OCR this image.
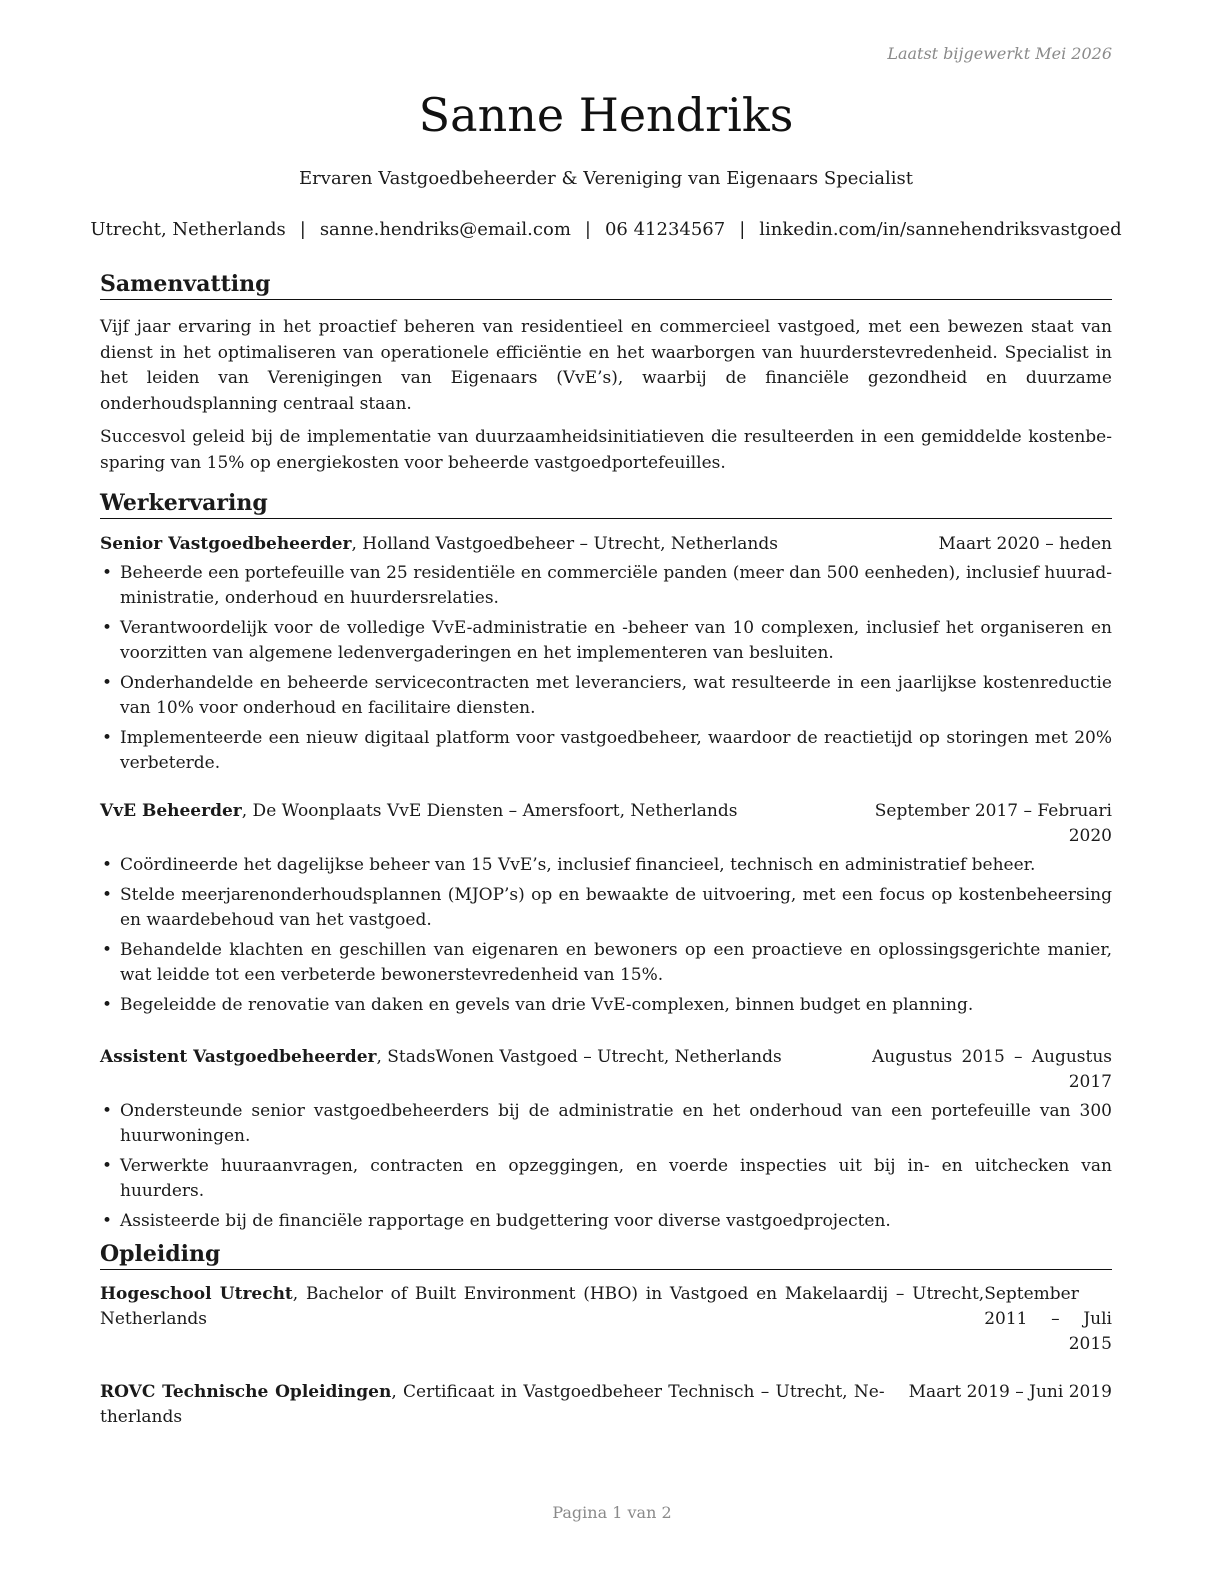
Laatst bijgewerkt Mei 2026
Sanne Hendriks
Ervaren Vastgoedbeheerder & Vereniging van Eigenaars Specialist
Utrecht, Netherlands | sanne.hendriks@email.com | 06 41234567 | linkedin.com/in/sannehendriksvastgoed
Samenvatting

Vijf jaar ervaring in het proactief beheren van residentieel en commercieel vastgoed, met een bewezen staat van dienst in het optimaliseren van operationele efficiëntie en het waarborgen van huurderstevredenheid. Specialist in het leiden van Verenigingen van Eigenaars (VvE’s), waarbij de financiële gezondheid en duurzame onderhoudsplanning centraal staan.

Succesvol geleid bij de implementatie van duurzaamheidsinitiatieven die resulteerden in een gemiddelde kostenbesparing van 15% op energiekosten voor beheerde vastgoedportefeuilles.

Werkervaring
Senior Vastgoedbeheerder, Holland Vastgoedbeheer – Utrecht, Netherlands	Maart 2020 – heden
• Beheerde een portefeuille van 25 residentiële en commerciële panden (meer dan 500 eenheden), inclusief huuradministratie, onderhoud en huurdersrelaties.
• Verantwoordelijk voor de volledige VvE-administratie en -beheer van 10 complexen, inclusief het organiseren en voorzitten van algemene ledenvergaderingen en het implementeren van besluiten.
• Onderhandelde en beheerde servicecontracten met leveranciers, wat resulteerde in een jaarlijkse kostenreductie van 10% voor onderhoud en facilitaire diensten.
• Implementeerde een nieuw digitaal platform voor vastgoedbeheer, waardoor de reactietijd op storingen met 20% verbeterde.
VvE Beheerder, De Woonplaats VvE Diensten – Amersfoort, Netherlands	September 2017 – Februari 2020
• Coördineerde het dagelijkse beheer van 15 VvE’s, inclusief financieel, technisch en administratief beheer.
• Stelde meerjarenonderhoudsplannen (MJOP’s) op en bewaakte de uitvoering, met een focus op kostenbeheersing en waardebehoud van het vastgoed.
• Behandelde klachten en geschillen van eigenaren en bewoners op een proactieve en oplossingsgerichte manier, wat leidde tot een verbeterde bewonerstevredenheid van 15%.
• Begeleidde de renovatie van daken en gevels van drie VvE-complexen, binnen budget en planning.
Assistent Vastgoedbeheerder, StadsWonen Vastgoed – Utrecht, Netherlands	Augustus 2015 – Augustus 2017
• Ondersteunde senior vastgoedbeheerders bij de administratie en het onderhoud van een portefeuille van 300 huurwoningen.
• Verwerkte huuraanvragen, contracten en opzeggingen, en voerde inspecties uit bij in- en uitchecken van huurders.
• Assisteerde bij de financiële rapportage en budgettering voor diverse vastgoedprojecten.
Opleiding
Hogeschool Utrecht, Bachelor of Built Environment (HBO) in Vastgoed en Makelaardij – Utrecht, Netherlands
September 2011 – Juli 2015
ROVC Technische Opleidingen, Certificaat in Vastgoedbeheer Technisch – Utrecht, Netherlands
Maart 2019 – Juni 2019
Pagina 1 van 2
